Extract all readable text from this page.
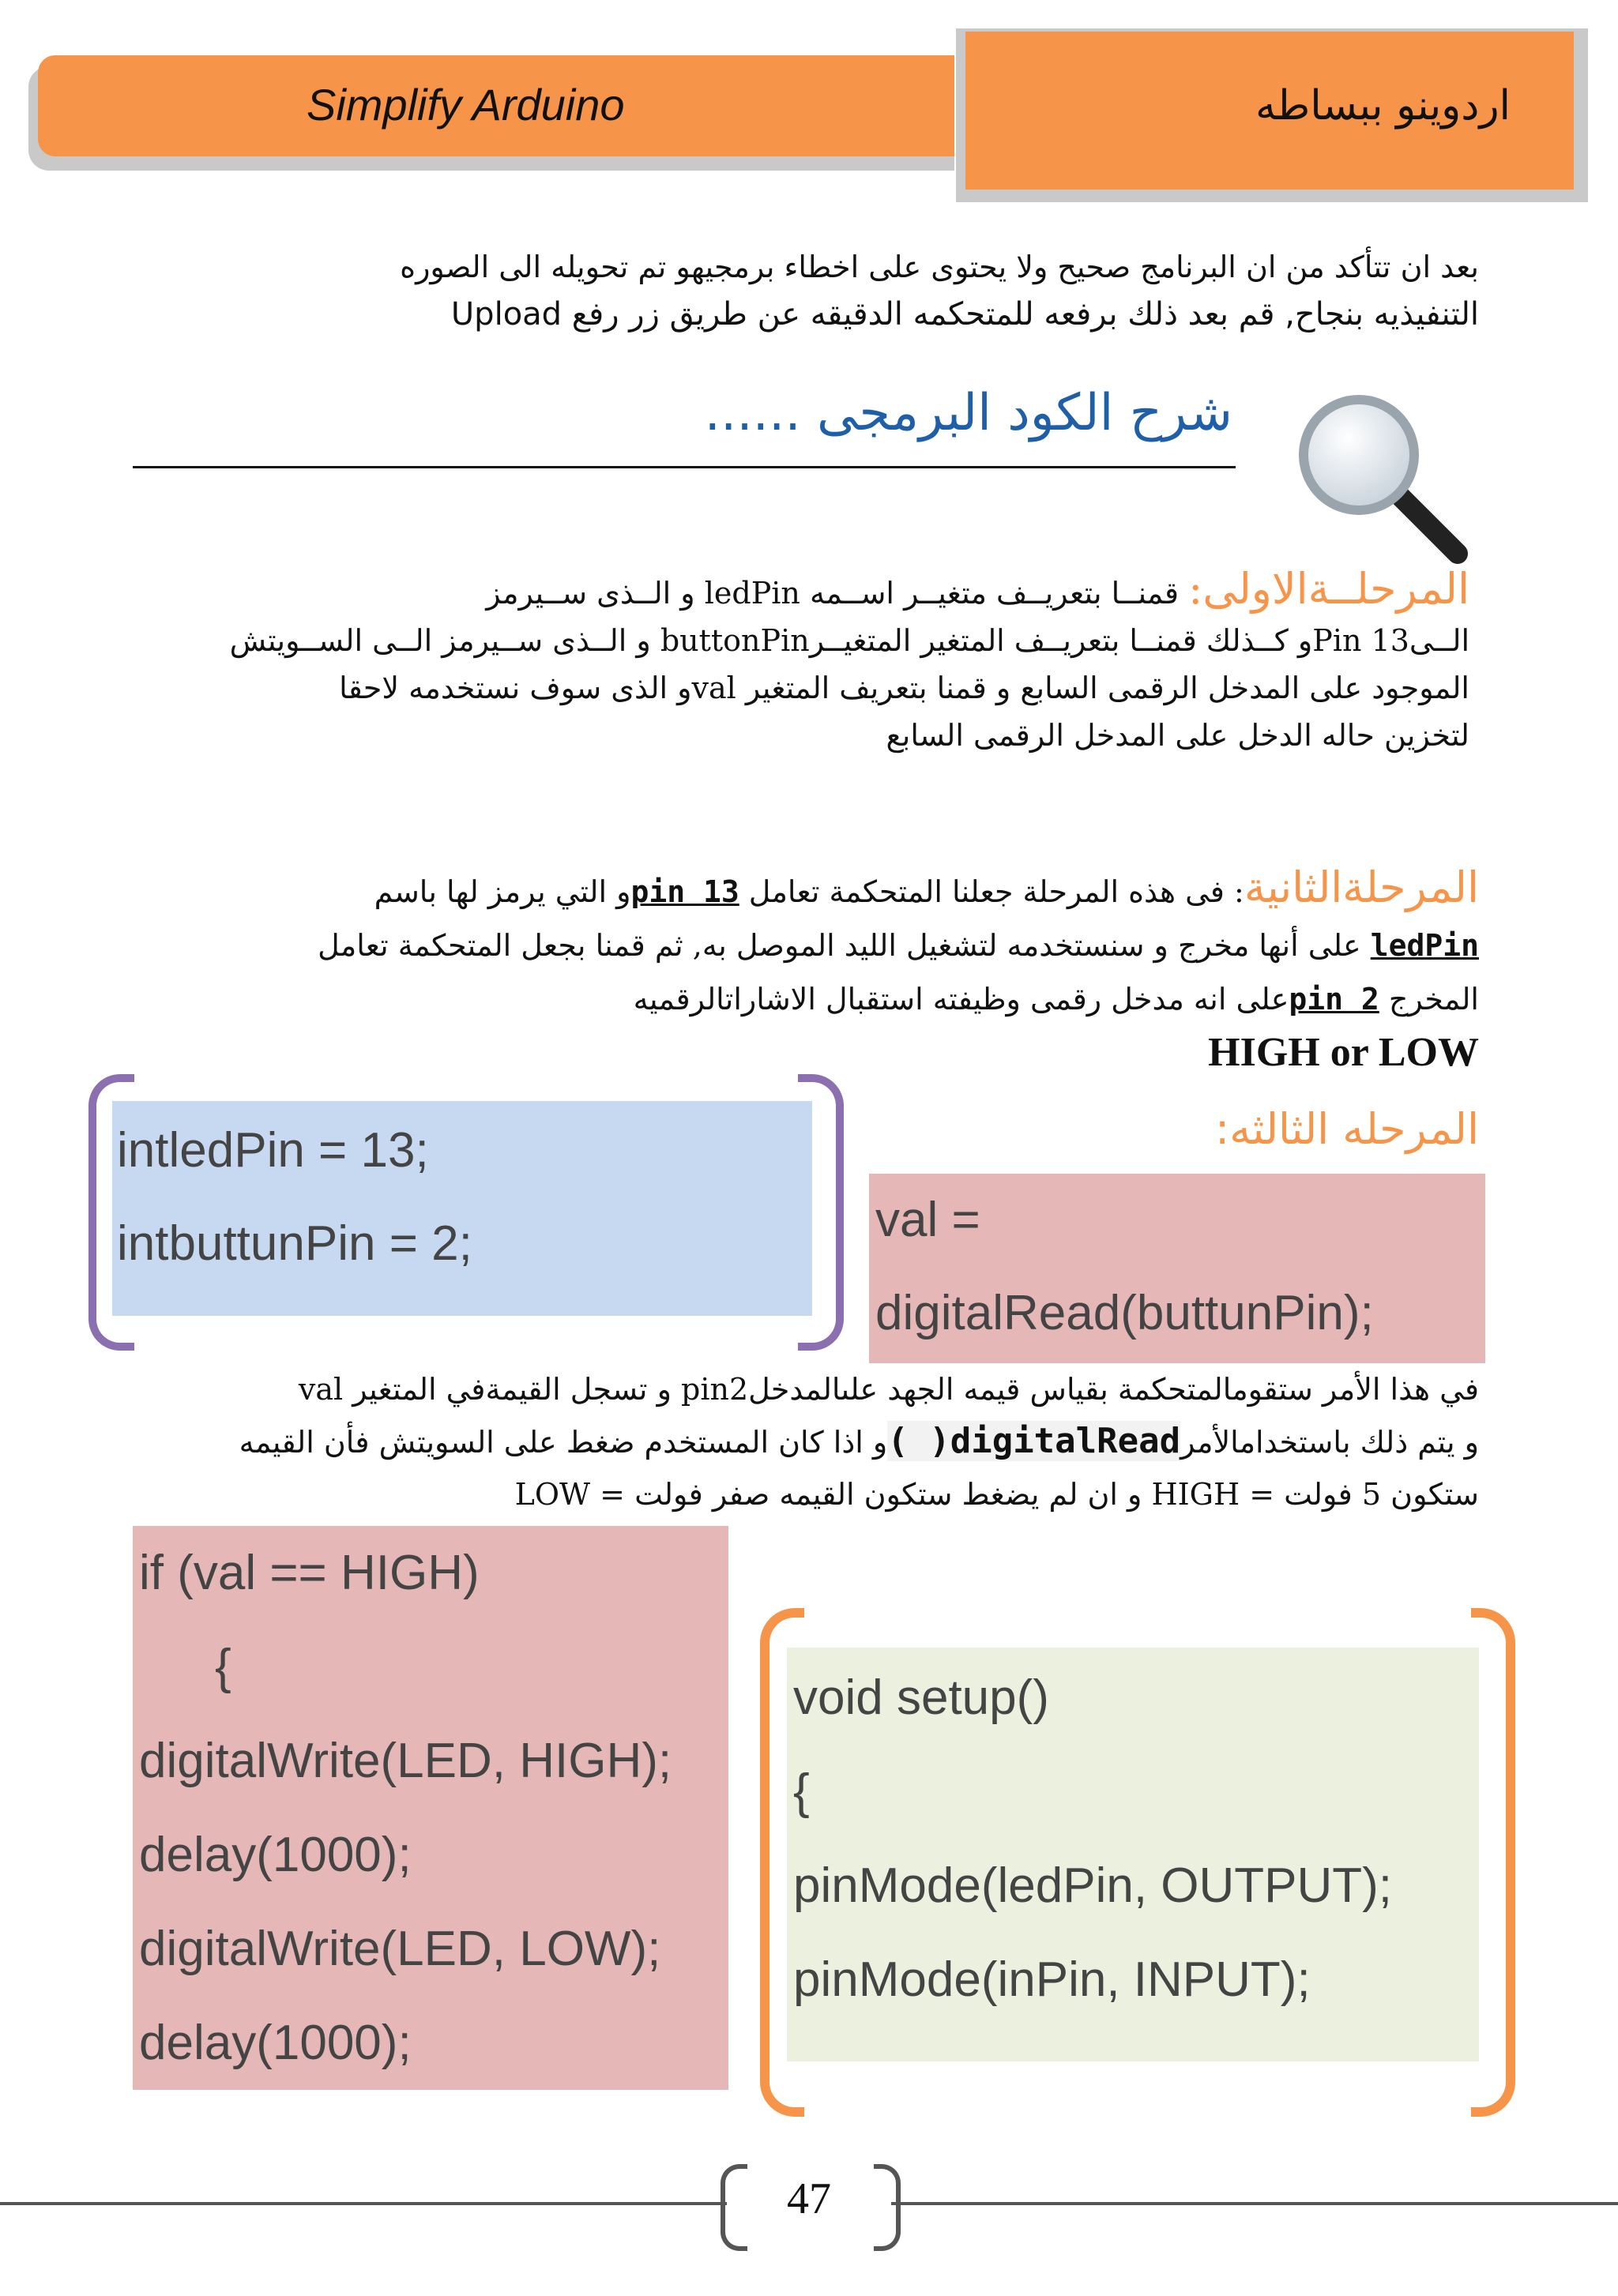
Simplify Arduino	اردوينو ببساطه
بعد ان تتأكد من ان البرنامج صحيح ولا يحتوى على اخطاء برمجيهو تم تحويله الى الصوره
التنفيذيه بنجاح, قم بعد ذلك برفعه للمتحكمه الدقيقه عن طريق زر رفع Upload
شرح الكود البرمجى ......
المرحلــةالاولى: قمنــا بتعريــف متغيــر اســمه ledPin و الــذى ســيرمز
الــى13 Pinو كــذلك قمنــا بتعريــف المتغير المتغيــرbuttonPin و الــذى ســيرمز الــى الســويتش
الموجود على المدخل الرقمى السابع و قمنا بتعريف المتغير valو الذى سوف نستخدمه لاحقا
لتخزين حاله الدخل على المدخل الرقمى السابع
المرحلةالثانية: فى هذه المرحلة جعلنا المتحكمة تعامل pin 13و التي يرمز لها باسم
ledPin على أنها مخرج و سنستخدمه لتشغيل الليد الموصل به, ثم قمنا بجعل المتحكمة تعامل
المخرج pin 2على انه مدخل رقمى وظيفته استقبال الاشاراتالرقميه
HIGH or LOW
intledPin = 13;
intbuttunPin = 2;
المرحله الثالثه:
val =
digitalRead(buttunPin);
في هذا الأمر ستقومالمتحكمة بقياس قيمه الجهد علىالمدخلpin2 و تسجل القيمةفي المتغير val
و يتم ذلك باستخدامالأمرdigitalRead( )و اذا كان المستخدم ضغط على السويتش فأن القيمه
ستكون 5 فولت = HIGH و ان لم يضغط ستكون القيمه صفر فولت = LOW
if (val == HIGH)
{
digitalWrite(LED, HIGH);
delay(1000);
digitalWrite(LED, LOW);
delay(1000);
void setup()
{
pinMode(ledPin, OUTPUT);
pinMode(inPin, INPUT);
47
